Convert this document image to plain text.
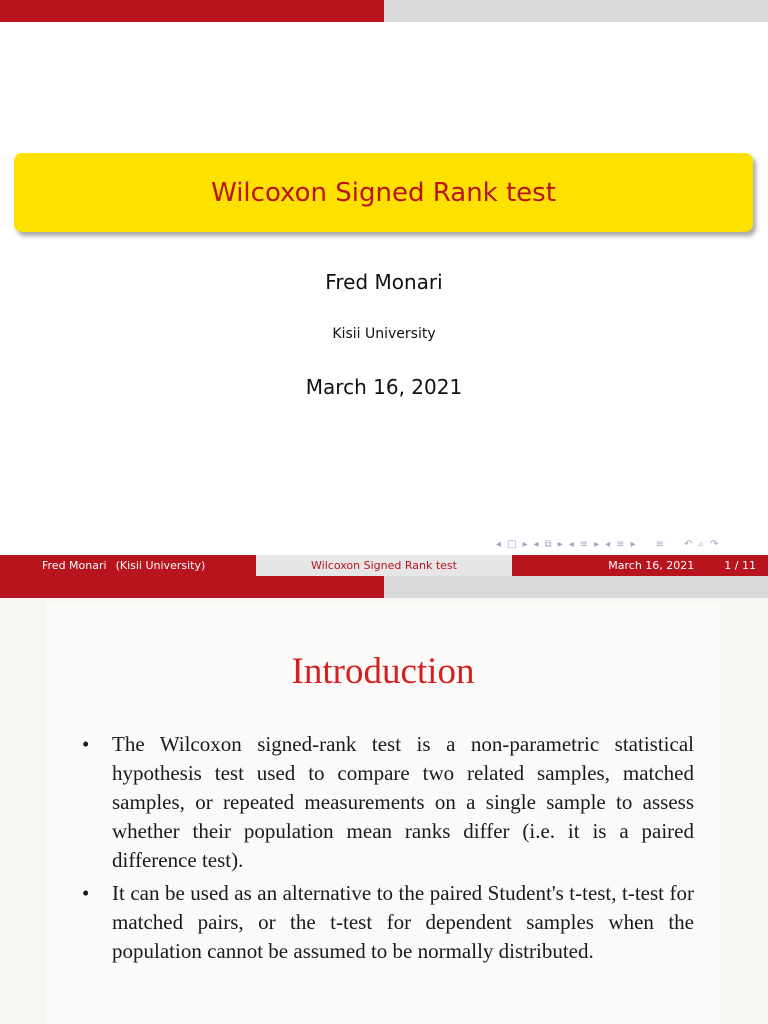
Wilcoxon Signed Rank test
Fred Monari
Kisii University
March 16, 2021
◂ □ ▸ ◂ ⧉ ▸ ◂ ≡ ▸ ◂ ≡ ▸ ≡ ↶ ⌕ ↷
Fred Monari (Kisii University)	Wilcoxon Signed Rank test	March 16, 2021	1 / 11
Introduction
•	The Wilcoxon signed-rank test is a non-parametric statistical hypothesis test used to compare two related samples, matched samples, or repeated measurements on a single sample to assess whether their population mean ranks differ (i.e. it is a paired difference test).
•	It can be used as an alternative to the paired Student's t-test, t-test for matched pairs, or the t-test for dependent samples when the population cannot be assumed to be normally distributed.
